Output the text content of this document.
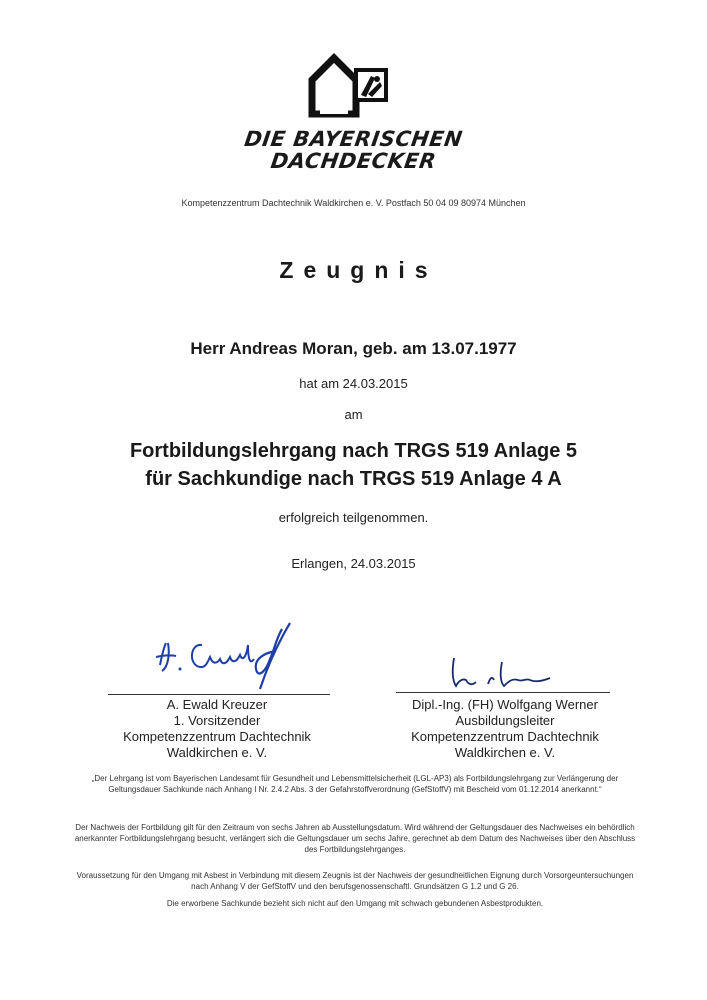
DIE BAYERISCHEN
DACHDECKER
Kompetenzzentrum Dachtechnik Waldkirchen e. V. Postfach 50 04 09 80974 München
Zeugnis
Herr Andreas Moran, geb. am 13.07.1977
hat am 24.03.2015
am
Fortbildungslehrgang nach TRGS 519 Anlage 5
für Sachkundige nach TRGS 519 Anlage 4 A
erfolgreich teilgenommen.
Erlangen, 24.03.2015
A. Ewald Kreuzer
1. Vorsitzender
Kompetenzzentrum Dachtechnik
Waldkirchen e. V.
Dipl.-Ing. (FH) Wolfgang Werner
Ausbildungsleiter
Kompetenzzentrum Dachtechnik
Waldkirchen e. V.
„Der Lehrgang ist vom Bayerischen Landesamt für Gesundheit und Lebensmittelsicherheit (LGL-AP3) als Fortbildungslehrgang zur Verlängerung der Geltungsdauer Sachkunde nach Anhang I Nr. 2.4.2 Abs. 3 der Gefahrstoffverordnung (GefStoffV) mit Bescheid vom 01.12.2014 anerkannt.“
Der Nachweis der Fortbildung gilt für den Zeitraum von sechs Jahren ab Ausstellungsdatum. Wird während der Geltungsdauer des Nachweises ein behördlich anerkannter Fortbildungslehrgang besucht, verlängert sich die Geltungsdauer um sechs Jahre, gerechnet ab dem Datum des Nachweises über den Abschluss des Fortbildungslehrganges.
Voraussetzung für den Umgang mit Asbest in Verbindung mit diesem Zeugnis ist der Nachweis der gesundheitlichen Eignung durch Vorsorgeuntersuchungen nach Anhang V der GefStoffV und den berufsgenossenschaftl. Grundsätzen G 1.2 und G 26.
Die erworbene Sachkunde bezieht sich nicht auf den Umgang mit schwach gebundenen Asbestprodukten.
